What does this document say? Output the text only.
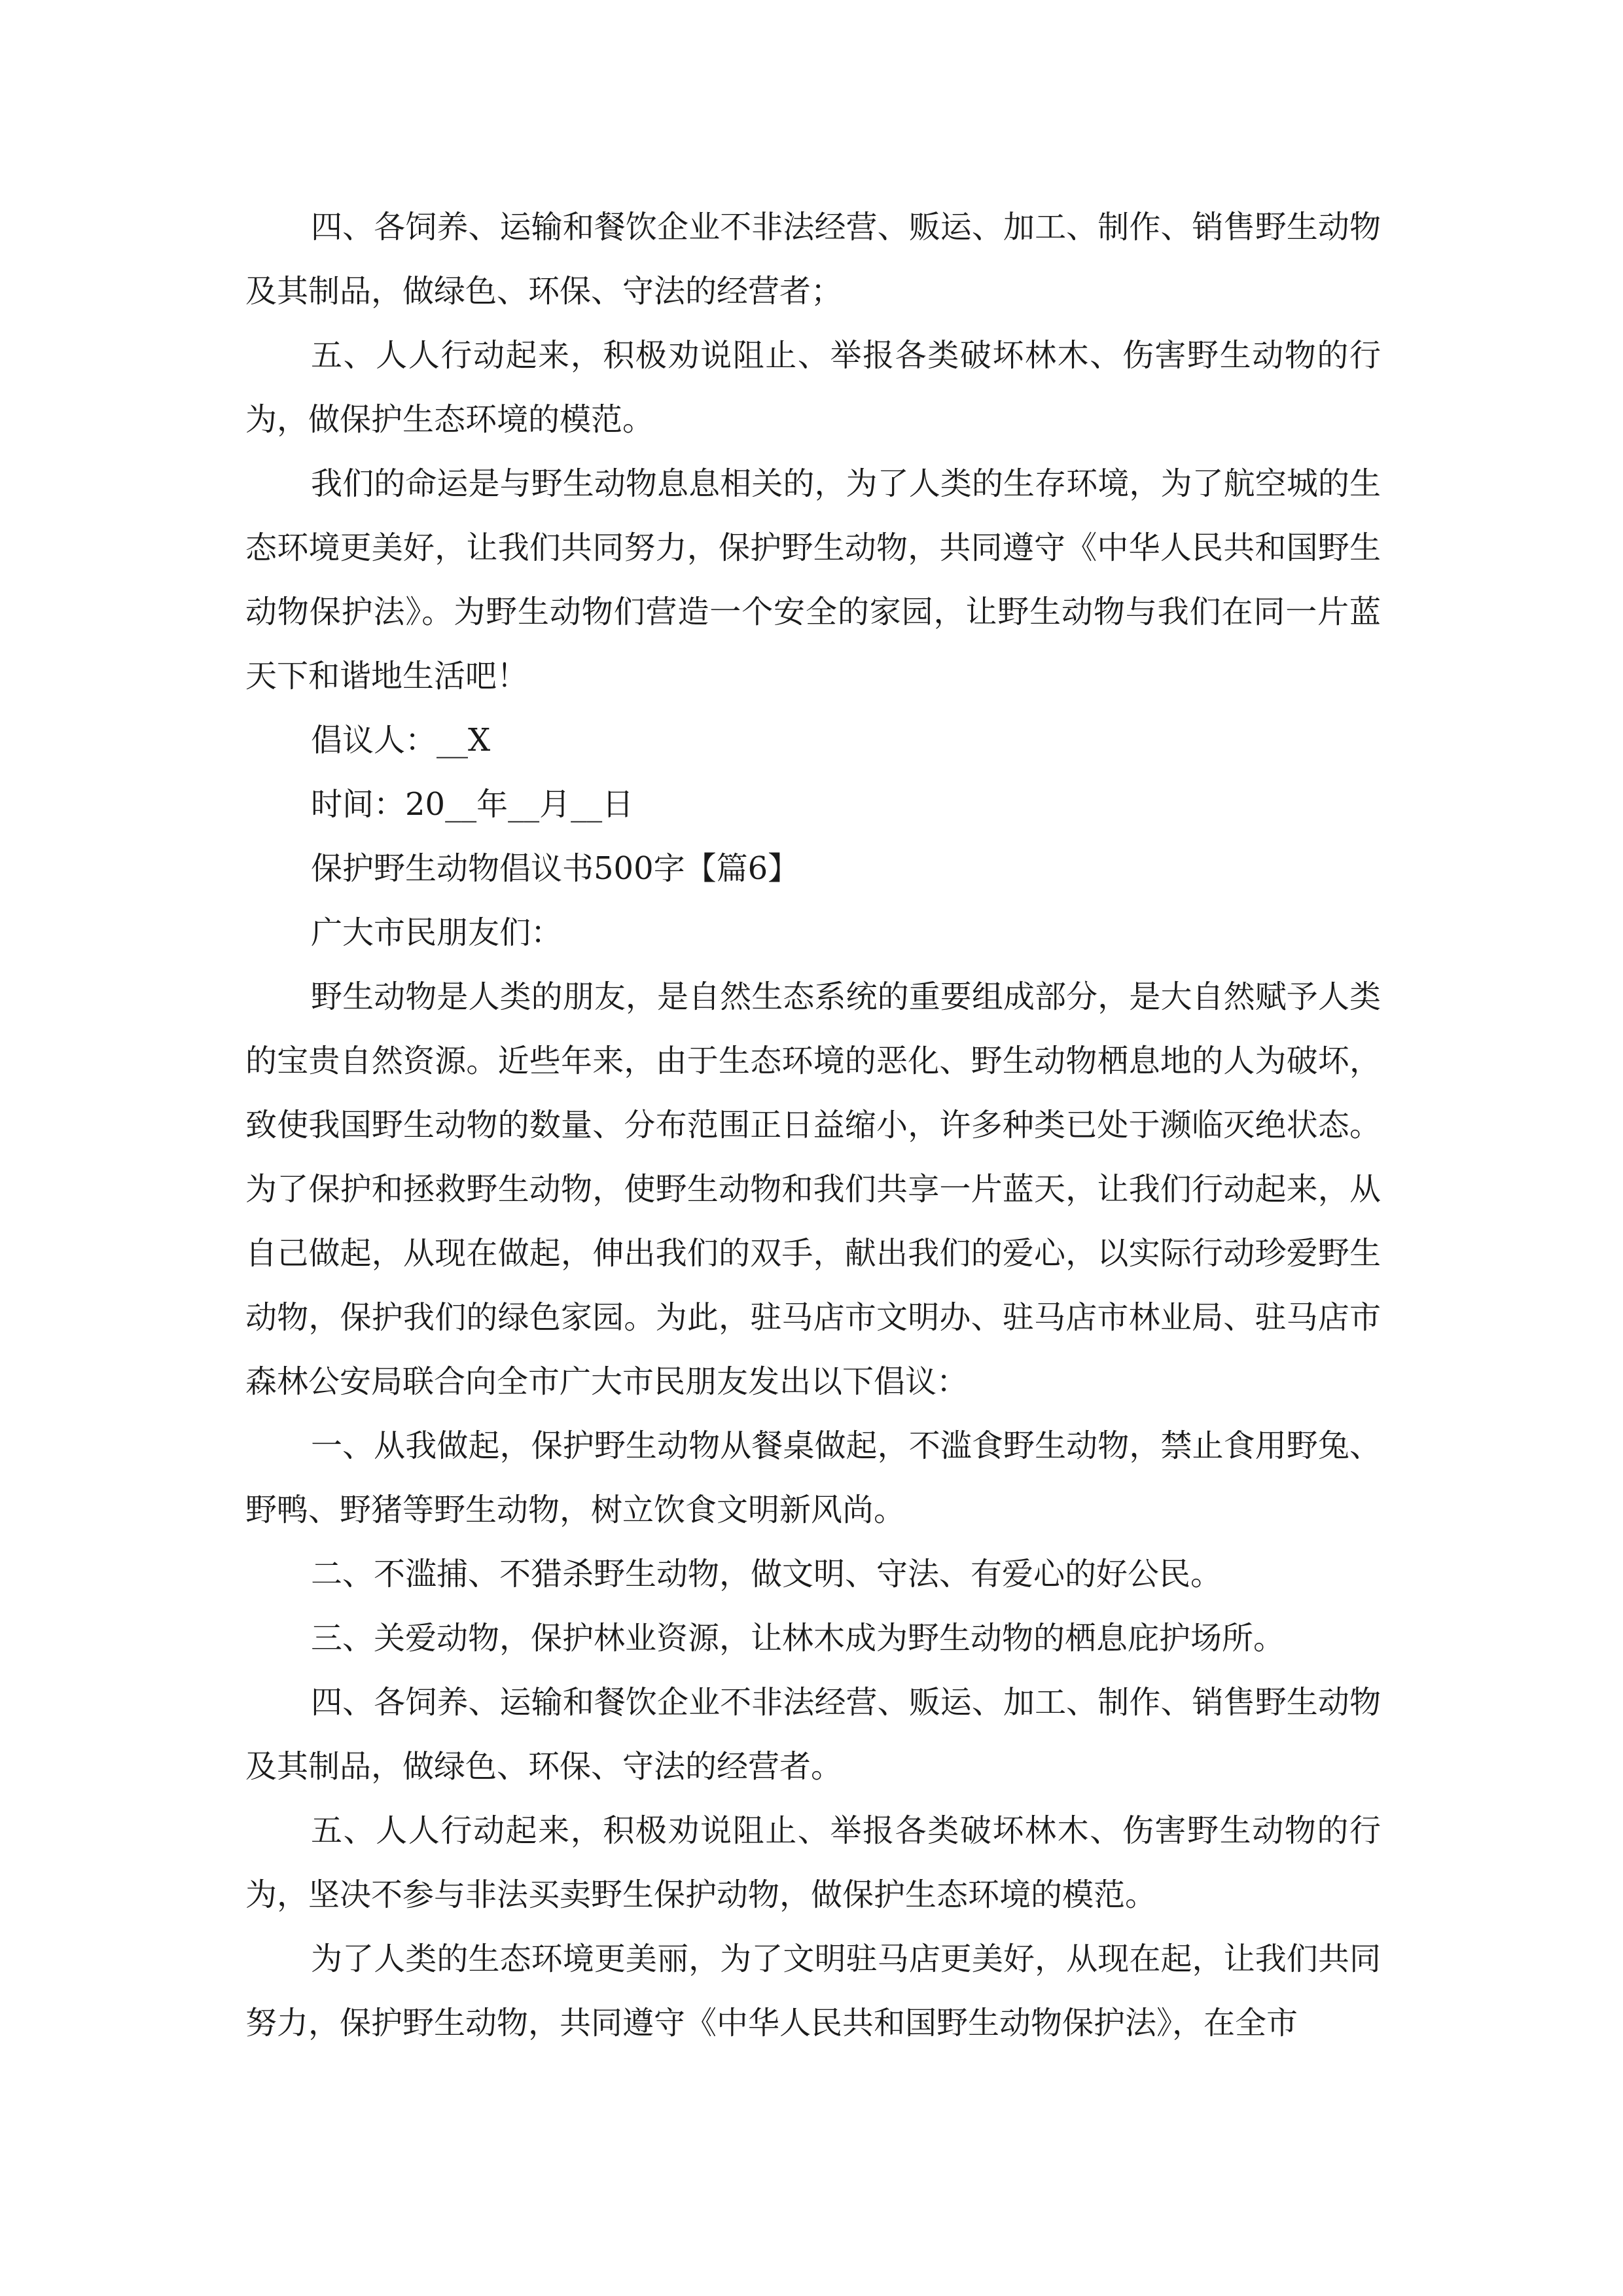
四、各饲养、运输和餐饮企业不非法经营、贩运、加工、制作、销售野生动物及其制品，做绿色、环保、守法的经营者；

五、人人行动起来，积极劝说阻止、举报各类破坏林木、伤害野生动物的行为，做保护生态环境的模范。

我们的命运是与野生动物息息相关的，为了人类的生存环境，为了航空城的生态环境更美好，让我们共同努力，保护野生动物，共同遵守《中华人民共和国野生动物保护法》。为野生动物们营造一个安全的家园，让野生动物与我们在同一片蓝天下和谐地生活吧！

倡议人：__X

时间：20__年__月__日

保护野生动物倡议书500字【篇6】

广大市民朋友们：

野生动物是人类的朋友，是自然生态系统的重要组成部分，是大自然赋予人类的宝贵自然资源。近些年来，由于生态环境的恶化、野生动物栖息地的人为破坏，致使我国野生动物的数量、分布范围正日益缩小，许多种类已处于濒临灭绝状态。为了保护和拯救野生动物，使野生动物和我们共享一片蓝天，让我们行动起来，从自己做起，从现在做起，伸出我们的双手，献出我们的爱心，以实际行动珍爱野生动物，保护我们的绿色家园。为此，驻马店市文明办、驻马店市林业局、驻马店市森林公安局联合向全市广大市民朋友发出以下倡议：

一、从我做起，保护野生动物从餐桌做起，不滥食野生动物，禁止食用野兔、野鸭、野猪等野生动物，树立饮食文明新风尚。

二、不滥捕、不猎杀野生动物，做文明、守法、有爱心的好公民。

三、关爱动物，保护林业资源，让林木成为野生动物的栖息庇护场所。

四、各饲养、运输和餐饮企业不非法经营、贩运、加工、制作、销售野生动物及其制品，做绿色、环保、守法的经营者。

五、人人行动起来，积极劝说阻止、举报各类破坏林木、伤害野生动物的行为，坚决不参与非法买卖野生保护动物，做保护生态环境的模范。

为了人类的生态环境更美丽，为了文明驻马店更美好，从现在起，让我们共同努力，保护野生动物，共同遵守《中华人民共和国野生动物保护法》，在全市
